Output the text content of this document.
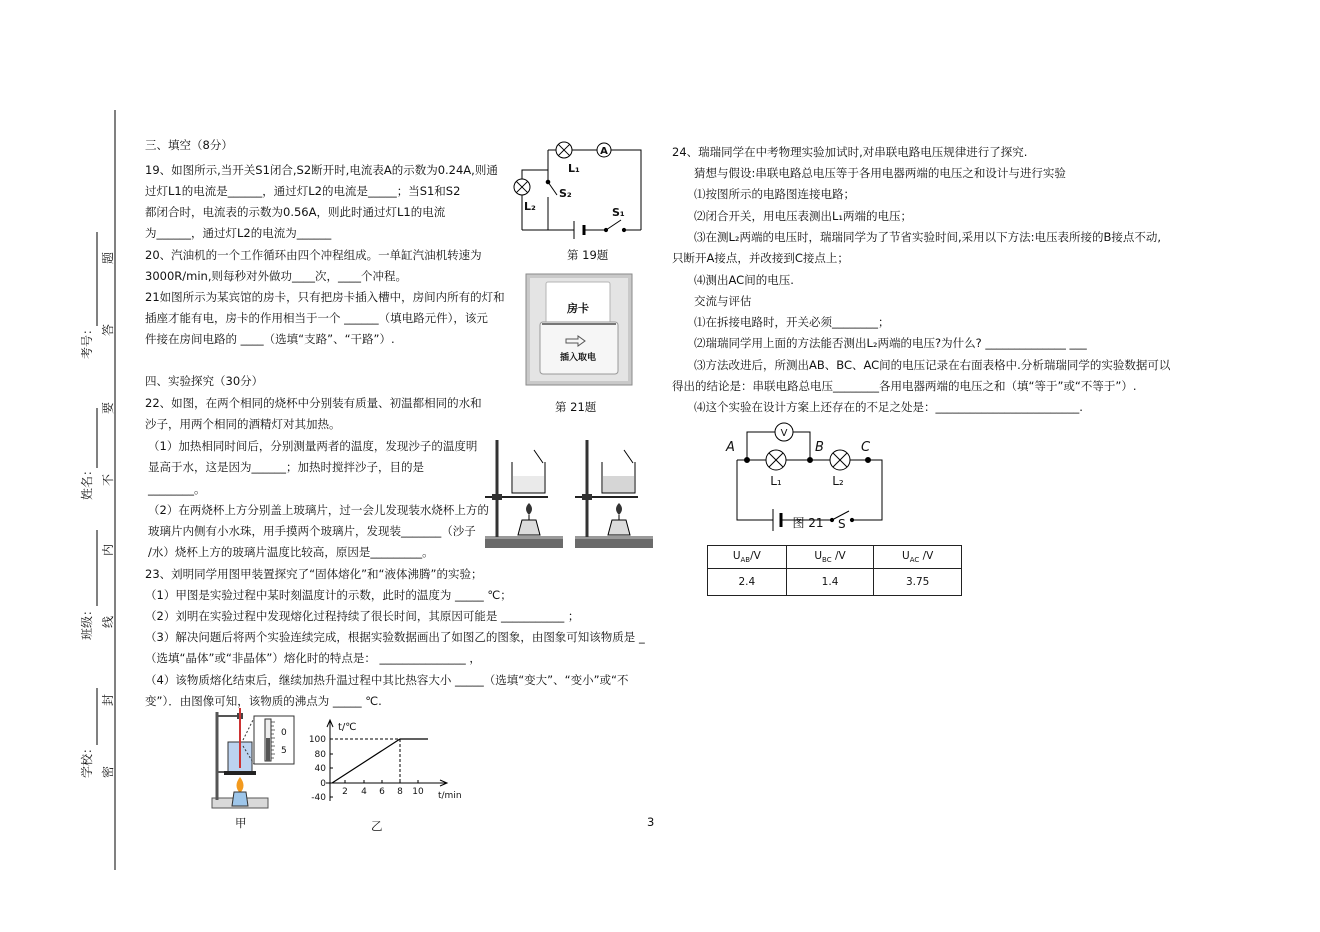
A
L₁
S₂
L₂	S₁
房卡
插入取电
0
5
t/℃
t/min
100
80
40
0
-40
2 4 6 8 10
V
A	B	C
L₁	L₂
图 21 S
考号：
姓名：
班级：
学校：
题
答
要
不
内
线
封
密
三、填空（8分）
19、如图所示,当开关S1闭合,S2断开时,电流表A的示数为0.24A,则通
过灯L1的电流是______，通过灯L2的电流是_____；当S1和S2
都闭合时，电流表的示数为0.56A，则此时通过灯L1的电流
为______，通过灯L2的电流为______
20、汽油机的一个工作循环由四个冲程组成。一单缸汽油机转速为
3000R/min,则每秒对外做功____次，____个冲程。
21如图所示为某宾馆的房卡，只有把房卡插入槽中，房间内所有的灯和
插座才能有电，房卡的作用相当于一个 ______（填电路元件），该元
件接在房间电路的 ____（选填“支路”、“干路”）.
四、实验探究（30分）
22、如图，在两个相同的烧杯中分别装有质量、初温都相同的水和
沙子，用两个相同的酒精灯对其加热。
（1）加热相同时间后，分别测量两者的温度，发现沙子的温度明
显高于水，这是因为______；加热时搅拌沙子，目的是
________。
（2）在两烧杯上方分别盖上玻璃片，过一会儿发现装水烧杯上方的
玻璃片内侧有小水珠，用手摸两个玻璃片，发现装_______（沙子
/水）烧杯上方的玻璃片温度比较高，原因是_________。
23、刘明同学用图甲装置探究了“固体熔化”和“液体沸腾”的实验；
（1）甲图是实验过程中某时刻温度计的示数，此时的温度为 _____ ℃；
（2）刘明在实验过程中发现熔化过程持续了很长时间，其原因可能是 ___________ ；
（3）解决问题后将两个实验连续完成，根据实验数据画出了如图乙的图象，由图象可知该物质是 _
（选填“晶体”或“非晶体”）熔化时的特点是： _______________ ，
（4）该物质熔化结束后，继续加热升温过程中其比热容大小 _____（选填“变大”、“变小”或“不
变”）．由图像可知，该物质的沸点为 _____ ℃.
第 19题
第 21题
甲	乙	3
24、瑞瑞同学在中考物理实验加试时,对串联电路电压规律进行了探究.
猜想与假设:串联电路总电压等于各用电器两端的电压之和设计与进行实验
⑴按图所示的电路图连接电路；
⑵闭合开关，用电压表测出L₁两端的电压；
⑶在测L₂两端的电压时，瑞瑞同学为了节省实验时间,采用以下方法:电压表所接的B接点不动,
只断开A接点，并改接到C接点上；
⑷测出AC间的电压.
交流与评估
⑴在拆接电路时，开关必须________；
⑵瑞瑞同学用上面的方法能否测出L₂两端的电压?为什么? ______________ ___
⑶方法改进后，所测出AB、BC、AC间的电压记录在右面表格中.分析瑞瑞同学的实验数据可以
得出的结论是：串联电路总电压________各用电器两端的电压之和（填“等于”或“不等于”）.
⑷这个实验在设计方案上还存在的不足之处是：_________________________.
$U_{AB}/V$	$U_{BC}$ /V	$U_{AC}$ /V
2.4	1.4	3.75
